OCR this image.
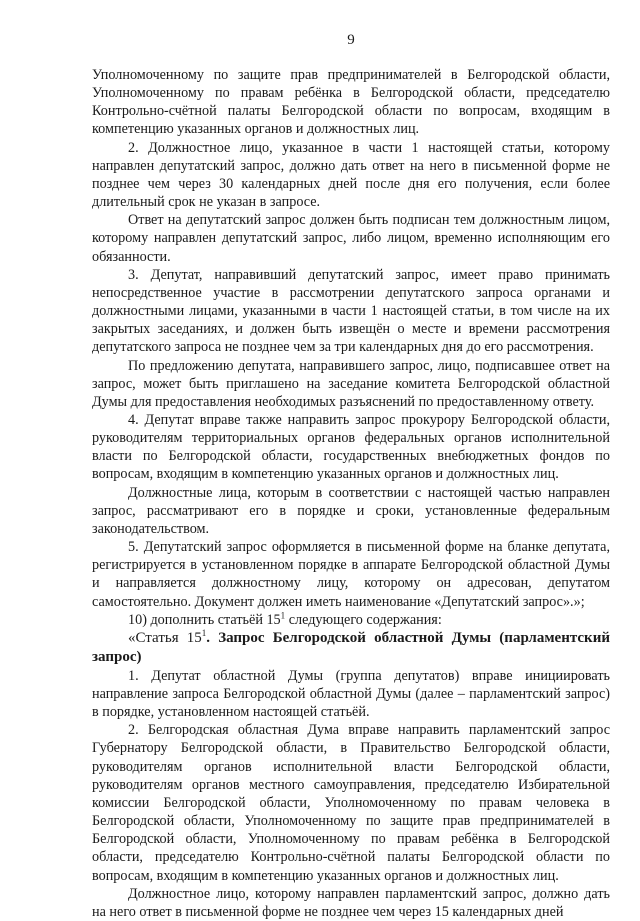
9

Уполномоченному по защите прав предпринимателей в Белгородской области, Уполномоченному по правам ребёнка в Белгородской области, председателю Контрольно-счётной палаты Белгородской области по вопросам, входящим в компетенцию указанных органов и должностных лиц.

2. Должностное лицо, указанное в части 1 настоящей статьи, которому направлен депутатский запрос, должно дать ответ на него в письменной форме не позднее чем через 30 календарных дней после дня его получения, если более длительный срок не указан в запросе.

Ответ на депутатский запрос должен быть подписан тем должностным лицом, которому направлен депутатский запрос, либо лицом, временно исполняющим его обязанности.

3. Депутат, направивший депутатский запрос, имеет право принимать непосредственное участие в рассмотрении депутатского запроса органами и должностными лицами, указанными в части 1 настоящей статьи, в том числе на их закрытых заседаниях, и должен быть извещён о месте и времени рассмотрения депутатского запроса не позднее чем за три календарных дня до его рассмотрения.

По предложению депутата, направившего запрос, лицо, подписавшее ответ на запрос, может быть приглашено на заседание комитета Белгородской областной Думы для предоставления необходимых разъяснений по предоставленному ответу.

4. Депутат вправе также направить запрос прокурору Белгородской области, руководителям территориальных органов федеральных органов исполнительной власти по Белгородской области, государственных внебюджетных фондов по вопросам, входящим в компетенцию указанных органов и должностных лиц.

Должностные лица, которым в соответствии с настоящей частью направлен запрос, рассматривают его в порядке и сроки, установленные федеральным законодательством.

5. Депутатский запрос оформляется в письменной форме на бланке депутата, регистрируется в установленном порядке в аппарате Белгородской областной Думы и направляется должностному лицу, которому он адресован, депутатом самостоятельно. Документ должен иметь наименование «Депутатский запрос».»;

10) дополнить статьёй $15^1$ следующего содержания:

«Статья $15^1$. Запрос Белгородской областной Думы (парламентский запрос)

1. Депутат областной Думы (группа депутатов) вправе инициировать направление запроса Белгородской областной Думы (далее – парламентский запрос) в порядке, установленном настоящей статьёй.

2. Белгородская областная Дума вправе направить парламентский запрос Губернатору Белгородской области, в Правительство Белгородской области, руководителям органов исполнительной власти Белгородской области, руководителям органов местного самоуправления, председателю Избирательной комиссии Белгородской области, Уполномоченному по правам человека в Белгородской области, Уполномоченному по защите прав предпринимателей в Белгородской области, Уполномоченному по правам ребёнка в Белгородской области, председателю Контрольно-счётной палаты Белгородской области по вопросам, входящим в компетенцию указанных органов и должностных лиц.

Должностное лицо, которому направлен парламентский запрос, должно дать на него ответ в письменной форме не позднее чем через 15 календарных дней
